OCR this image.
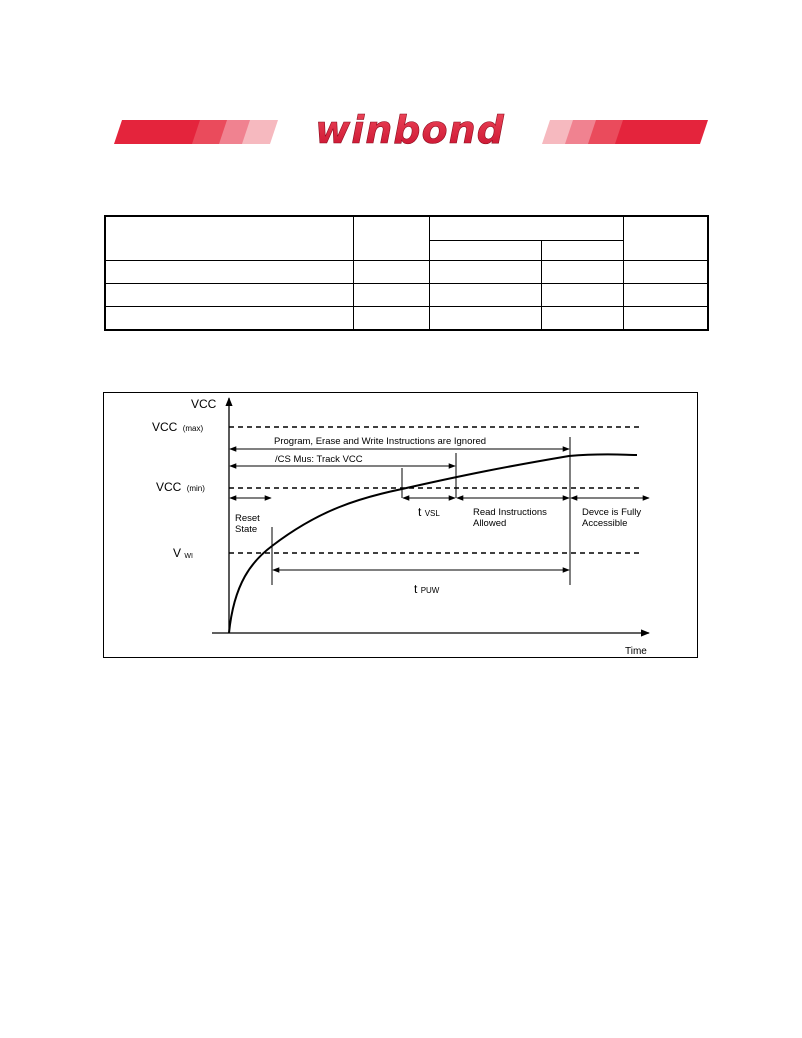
winbond

VCC
Time
VCC (max)
VCC (min)
V WI
Program, Erase and Write Instructions are Ignored
/CS Mus: Track VCC
Reset State
t VSL	Read Instructions Allowed
Devce is Fully Accessible
t PUW
